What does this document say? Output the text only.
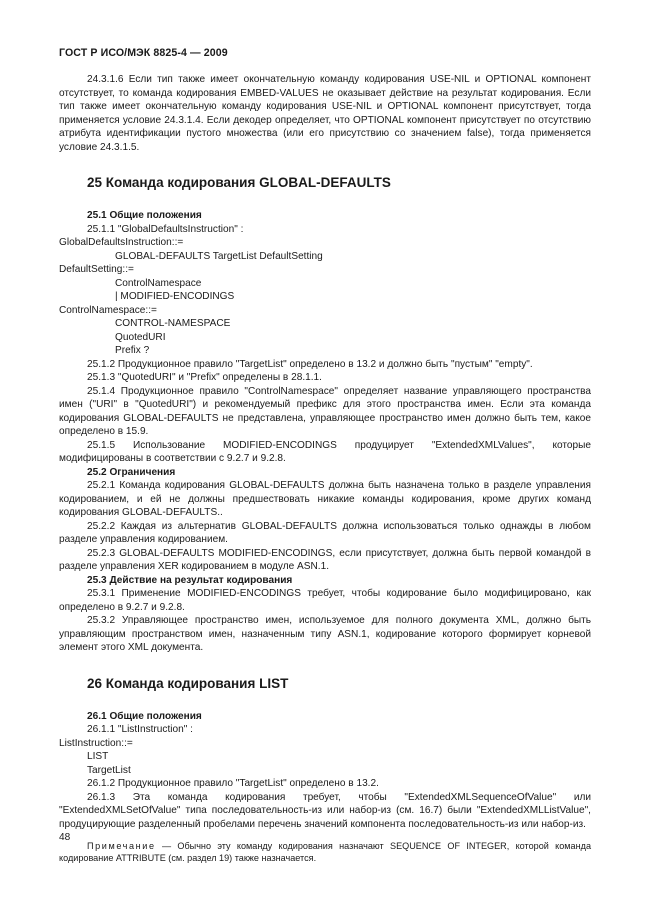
ГОСТ Р ИСО/МЭК 8825-4 — 2009

24.3.1.6 Если тип также имеет окончательную команду кодирования USE-NIL и OPTIONAL компонент отсутствует, то команда кодирования EMBED-VALUES не оказывает действие на результат кодирования. Если тип также имеет окончательную команду кодирования USE-NIL и OPTIONAL компонент присутствует, тогда применяется условие 24.3.1.4. Если декодер определяет, что OPTIONAL компонент присутствует по отсутствию атрибута идентификации пустого множества (или его присутствию со значением false), тогда применяется условие 24.3.1.5.

25 Команда кодирования GLOBAL-DEFAULTS
25.1 Общие положения

25.1.1 "GlobalDefaultsInstruction" :

GlobalDefaultsInstruction::=
GLOBAL-DEFAULTS TargetList DefaultSetting
DefaultSetting::=
ControlNamespace
| MODIFIED-ENCODINGS
ControlNamespace::=
CONTROL-NAMESPACE
QuotedURI
Prefix ?

25.1.2 Продукционное правило "TargetList" определено в 13.2 и должно быть "пустым" "empty".

25.1.3 "QuotedURI" и "Prefix" определены в 28.1.1.

25.1.4 Продукционное правило "ControlNamespace" определяет название управляющего пространства имен ("URI" в "QuotedURI") и рекомендуемый префикс для этого пространства имен. Если эта команда кодирования GLOBAL-DEFAULTS не представлена, управляющее пространство имен должно быть тем, какое определено в 15.9.

25.1.5 Использование MODIFIED-ENCODINGS продуцирует "ExtendedXMLValues", которые модифицированы в соответствии с 9.2.7 и 9.2.8.

25.2 Ограничения

25.2.1 Команда кодирования GLOBAL-DEFAULTS должна быть назначена только в разделе управления кодированием, и ей не должны предшествовать никакие команды кодирования, кроме других команд кодирования GLOBAL-DEFAULTS..

25.2.2 Каждая из альтернатив GLOBAL-DEFAULTS должна использоваться только однажды в любом разделе управления кодированием.

25.2.3 GLOBAL-DEFAULTS MODIFIED-ENCODINGS, если присутствует, должна быть первой командой в разделе управления XER кодированием в модуле ASN.1.

25.3 Действие на результат кодирования

25.3.1 Применение MODIFIED-ENCODINGS требует, чтобы кодирование было модифицировано, как определено в 9.2.7 и 9.2.8.

25.3.2 Управляющее пространство имен, используемое для полного документа XML, должно быть управляющим пространством имен, назначенным типу ASN.1, кодирование которого формирует корневой элемент этого XML документа.

26 Команда кодирования LIST
26.1 Общие положения

26.1.1 "ListInstruction" :

ListInstruction::=
LIST
TargetList

26.1.2 Продукционное правило "TargetList" определено в 13.2.

26.1.3 Эта команда кодирования требует, чтобы "ExtendedXMLSequenceOfValue" или

"ExtendedXMLSetOfValue" типа последовательность-из или набор-из (см. 16.7) были "ExtendedXMLListValue", продуцирующие разделенный пробелами перечень значений компонента последовательность-из или набор-из.

Примечание — Обычно эту команду кодирования назначают SEQUENCE OF INTEGER, которой команда кодирование ATTRIBUTE (см. раздел 19) также назначается.

48
